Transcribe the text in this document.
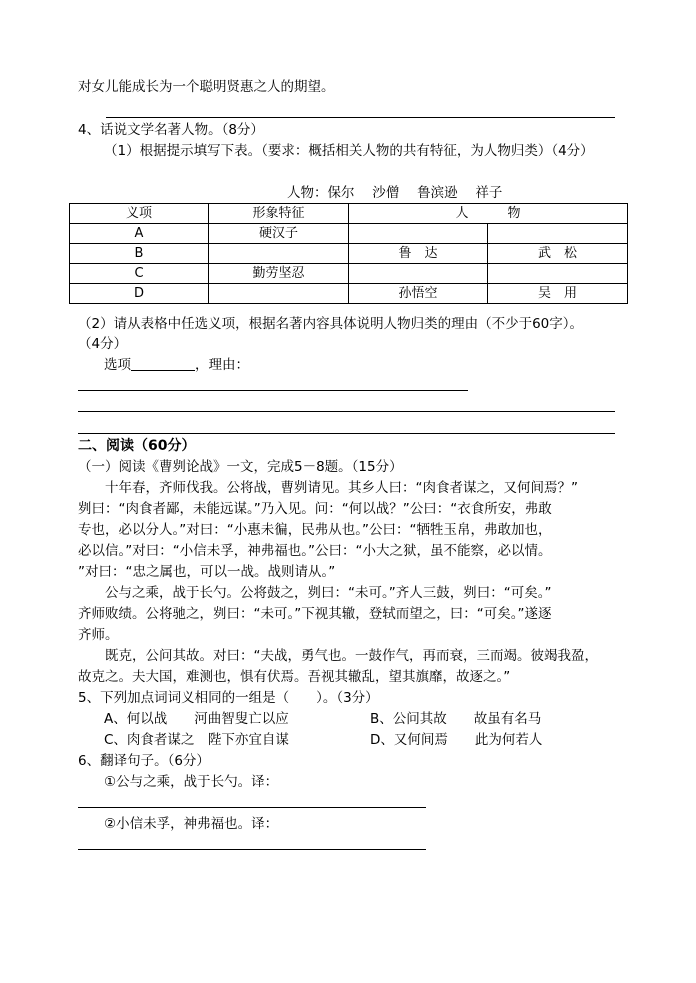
对女儿能成长为一个聪明贤惠之人的期望。
4、话说文学名著人物。（8分）
（1）根据提示填写下表。（要求：概括相关人物的共有特征，为人物归类）（4分）
人物：保尔　 沙僧　 鲁滨逊　 祥子
义项	形象特征	人　　　物	
A	硬汉子		
B		鲁　达	武　松
C	勤劳坚忍		
D		孙悟空	吴　用
（2）请从表格中任选义项，根据名著内容具体说明人物归类的理由（不少于60字）。
（4分）
选项	，理由：
二、阅读（60分）
（一）阅读《曹刿论战》一文，完成5－8题。（15分）
　　十年春，齐师伐我。公将战，曹刿请见。其乡人曰：“肉食者谋之，又何间焉？”
刿曰：“肉食者鄙，未能远谋。”乃入见。问：“何以战？”公曰：“衣食所安，弗敢
专也，必以分人。”对曰：“小惠未徧，民弗从也。”公曰：“牺牲玉帛，弗敢加也，
必以信。”对曰：“小信未孚，神弗福也。”公曰：“小大之狱，虽不能察，必以情。
”对曰：“忠之属也，可以一战。战则请从。”
　　公与之乘，战于长勺。公将鼓之，刿曰：“未可。”齐人三鼓，刿曰：“可矣。”
齐师败绩。公将驰之，刿曰：“未可。”下视其辙，登轼而望之，曰：“可矣。”遂逐
齐师。
　　既克，公问其故。对曰：“夫战，勇气也。一鼓作气，再而衰，三而竭。彼竭我盈，
故克之。夫大国，难测也，惧有伏焉。吾视其辙乱，望其旗靡，故逐之。”
5、下列加点词词义相同的一组是（　　）。（3分）
A、何以战　　河曲智叟亡以应	B、公问其故　　故虽有名马
C、肉食者谋之　陛下亦宜自谋	D、又何间焉　　此为何若人
6、翻译句子。（6分）
①公与之乘，战于长勺。译：
②小信未孚，神弗福也。译：
